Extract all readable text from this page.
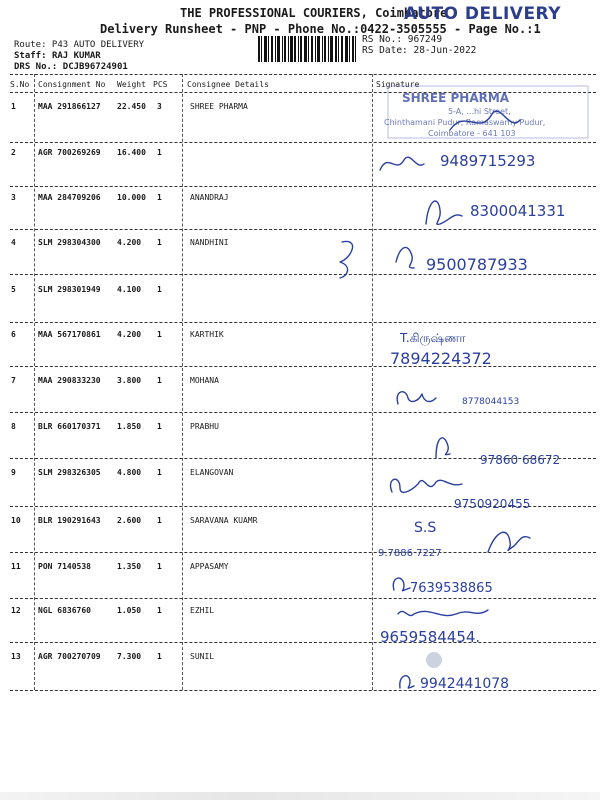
THE PROFESSIONAL COURIERS, Coimbatore
Delivery Runsheet - PNP - Phone No.:0422-3505555 - Page No.:1
AUTO DELIVERY
Route: P43 AUTO DELIVERY
Staff: RAJ KUMAR
DRS No.: DCJB96724901
RS No.: 967249
RS Date: 28-Jun-2022
S.No Consignment No Weight PCS Consignee Details	Signature
1	MAA 291866127 22.450 3	SHREE PHARMA
2	AGR 700269269 16.400 1
3	MAA 284709206 10.000 1	ANANDRAJ
4	SLM 298304300 4.200 1	NANDHINI
5	SLM 298301949 4.100 1
6	MAA 567170861 4.200 1	KARTHIK
7	MAA 290833230 3.800 1	MOHANA
8	BLR 660170371 1.850 1	PRABHU
9	SLM 298326305 4.800 1	ELANGOVAN
10 BLR 190291643 2.600 1	SARAVANA KUAMR
11 PON 7140538	1.350 1	APPASAMY
12 NGL 6836760	1.050 1	EZHIL
13 AGR 700270709 7.300 1	SUNIL
SHREE PHARMA
5-A, ...hi Street,
Chinthamani Pudur, Ramaswamy Pudur,
Coimbatore - 641 103
9489715293
8300041331
9500787933
T.கிருஷ்ணா
7894224372
8778044153
97860 68672
9750920455
S.S
9.7886 7227
7639538865
9659584454.
9942441078
